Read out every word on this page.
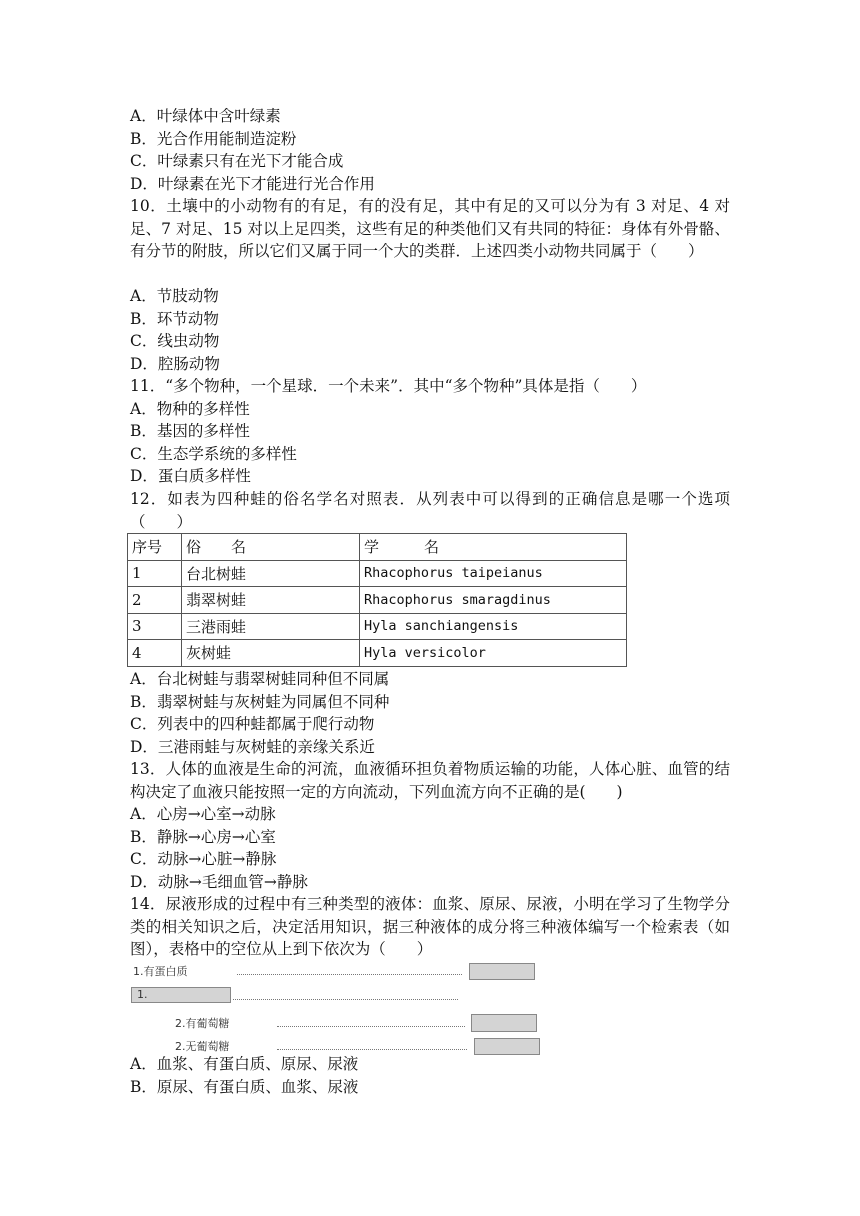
A．叶绿体中含叶绿素
B．光合作用能制造淀粉
C．叶绿素只有在光下才能合成
D．叶绿素在光下才能进行光合作用
10．土壤中的小动物有的有足，有的没有足，其中有足的又可以分为有 3 对足、4 对足、7 对足、15 对以上足四类，这些有足的种类他们又有共同的特征：身体有外骨骼、有分节的附肢，所以它们又属于同一个大的类群．上述四类小动物共同属于（　　）
A．节肢动物
B．环节动物
C．线虫动物
D．腔肠动物
11．“多个物种，一个星球．一个未来”．其中“多个物种”具体是指（　　）
A．物种的多样性
B．基因的多样性
C．生态学系统的多样性
D．蛋白质多样性
12．如表为四种蛙的俗名学名对照表．从列表中可以得到的正确信息是哪一个选项（　　）
序号	俗　　名	学　　　名
1	台北树蛙	Rhacophorus taipeianus
2	翡翠树蛙	Rhacophorus smaragdinus
3	三港雨蛙	Hyla sanchiangensis
4	灰树蛙	Hyla versicolor
A．台北树蛙与翡翠树蛙同种但不同属
B．翡翠树蛙与灰树蛙为同属但不同种
C．列表中的四种蛙都属于爬行动物
D．三港雨蛙与灰树蛙的亲缘关系近
13．人体的血液是生命的河流，血液循环担负着物质运输的功能，人体心脏、血管的结构决定了血液只能按照一定的方向流动，下列血流方向不正确的是(　　)
A．心房→心室→动脉
B．静脉→心房→心室
C．动脉→心脏→静脉
D．动脉→毛细血管→静脉
14．尿液形成的过程中有三种类型的液体：血浆、原尿、尿液，小明在学习了生物学分类的相关知识之后，决定活用知识，据三种液体的成分将三种液体编写一个检索表（如图），表格中的空位从上到下依次为（　　）
1.有蛋白质
1.
2.有葡萄糖
2.无葡萄糖
A．血浆、有蛋白质、原尿、尿液
B．原尿、有蛋白质、血浆、尿液
